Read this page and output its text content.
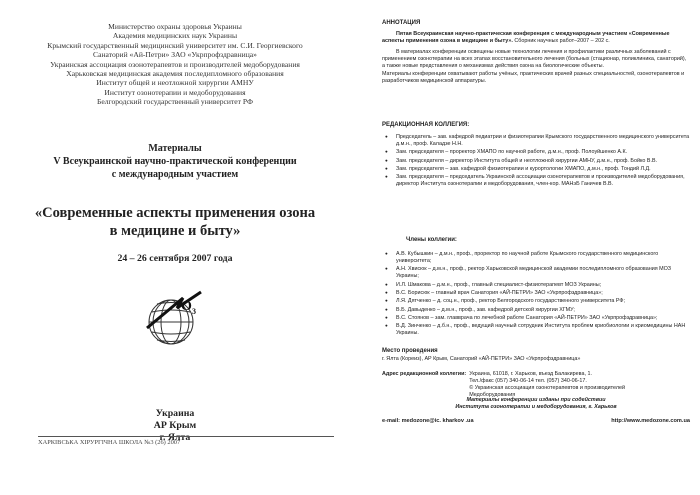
Министерство охраны здоровья Украины
Академия медицинских наук Украины
Крымский государственный медицинский университет им. С.И. Георгиевского
Санаторий «Ай-Петри» ЗАО «Укрпрофздравница»
Украинская ассоциация озонотерапевтов и производителей медоборудования
Харьковская медицинская академия последипломного образования
Институт общей и неотложной хирургии АМНУ
Институт озонотерапии и медоборудования
Белгородский государственный университет РФ
Материалы
V Всеукраинской научно-практической конференции
с международным участием
«Современные аспекты применения озона
в медицине и быту»
24 – 26 сентября 2007 года
O 3
Украина
АР Крым
г. Ялта
ХАРКІВСЬКА ХІРУРГІЧНА ШКОЛА №3 (26) 2007
АННОТАЦИЯ

Пятая Всеукраинская научно-практическая конференция с международным участием «Современные аспекты применения озона в медицине и быту». Сборник научных работ–2007 – 202 с.

В материалах конференции освещены новые технологии лечения и профилактики различных заболеваний с применением озонотерапии на всех этапах восстановительного лечения (больных (стационар, поликлиника, санаторий), а также новые представления о механизмах действия озона на биологические объекты.

Материалы конференции охватывают работы учёных, практических врачей разных специальностей, озонотерапевтов и разработчиков медицинской аппаратуры.

РЕДАКЦИОННАЯ КОЛЛЕГИЯ:
● Председатель – зав. кафедрой педиатрии и физиотерапии Крымского государственного медицинского университета д.м.н., проф. Каладзе Н.Н.
● Зам. председателя – проректор ХМАПО по научной работе, д.м.н., проф. Полоуйшенко А.К.
● Зам. председателя – директор Института общей и неотложной хирургии АМНУ, д.м.н., проф. Бойко В.В.
● Зам. председателя – зав. кафедрой физиотерапии и курортологии ХМАПО, д.м.н., проф. Тондий Л.Д.
● Зам. председателя – председатель Украинской ассоциации озонотерапевтов и производителей медоборудования, директор Института озонотерапии и медоборудования, член-кор. МАНэБ Ганичев В.В.
Члены коллегии:
● А.В. Кубышкин – д.м.н., проф., проректор по научной работе Крымского государственного медицинского университета;
● А.Н. Хвисюк – д.м.н., проф., ректор Харьковской медицинской академии последипломного образования МОЗ Украины;
● И.Л. Шмакова – д.м.н., проф., главный специалист-физиотерапевт МОЗ Украины;
● В.С. Борисюк – главный врач Санатория «АЙ-ПЕТРИ» ЗАО «Укрпрофздравница»;
● Л.Я. Дятченко – д. соц.н., проф., ректор Белгородского государственного университета РФ;
● В.Б. Давыденко – д.м.н., проф., зав. кафедрой детской хирургии ХГМУ;
● В.С. Стоянов – зам. главврача по лечебной работе Санатория «АЙ-ПЕТРИ» ЗАО «Укрпрофздравница»;
● В.Д. Зинченко – д.б.н., проф., ведущий научный сотрудник Института проблем криобиологии и криомедицины НАН Украины.
Место проведения

г. Ялта (Кореиз), АР Крым, Санаторий «АЙ-ПЕТРИ» ЗАО «Укрпрофздравница»

Адрес редакционной коллегии: Украина, 61018, г. Харьков, въезд Балакирева, 1.
Тел./факс (057) 340-06-14 тел. (057) 340-06-17.
© Украинская ассоциация озонотерапевтов и производителей
Медоборудования
Материалы конференции изданы при содействии
Института озонотерапии и медоборудования, г. Харьков
e-mail: medozone@ic. kharkov .ua	http://www.medozone.com.ua
